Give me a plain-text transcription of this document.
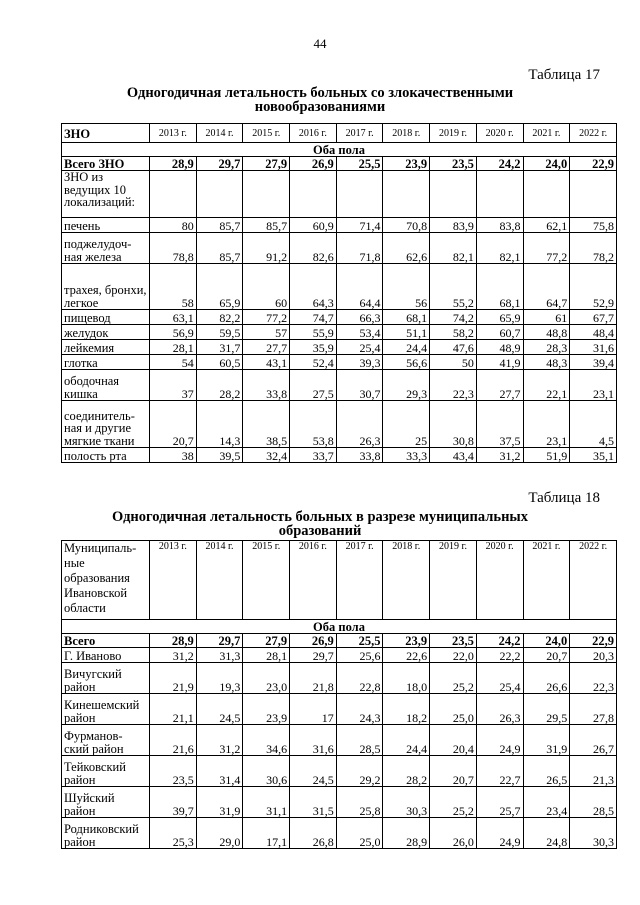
44
Таблица 17
Одногодичная летальность больных со злокачественными
новообразованиями
ЗНО	2013 г.	2014 г.	2015 г.	2016 г.	2017 г.	2018 г.	2019 г.	2020 г.	2021 г.	2022 г.
Оба пола										
Всего ЗНО	28,9	29,7	27,9	26,9	25,5	23,9	23,5	24,2	24,0	22,9
ЗНО из ведущих 10 локализаций:										
печень	80	85,7	85,7	60,9	71,4	70,8	83,9	83,8	62,1	75,8
поджелудоч-ная железа	78,8	85,7	91,2	82,6	71,8	62,6	82,1	82,1	77,2	78,2
трахея, бронхи, легкое	58	65,9	60	64,3	64,4	56	55,2	68,1	64,7	52,9
пищевод	63,1	82,2	77,2	74,7	66,3	68,1	74,2	65,9	61	67,7
желудок	56,9	59,5	57	55,9	53,4	51,1	58,2	60,7	48,8	48,4
лейкемия	28,1	31,7	27,7	35,9	25,4	24,4	47,6	48,9	28,3	31,6
глотка	54	60,5	43,1	52,4	39,3	56,6	50	41,9	48,3	39,4
ободочная кишка	37	28,2	33,8	27,5	30,7	29,3	22,3	27,7	22,1	23,1
соединитель-ная и другие мягкие ткани	20,7	14,3	38,5	53,8	26,3	25	30,8	37,5	23,1	4,5
полость рта	38	39,5	32,4	33,7	33,8	33,3	43,4	31,2	51,9	35,1
Таблица 18
Одногодичная летальность больных в разрезе муниципальных
образований
Муниципаль-ные образования Ивановской области	2013 г.	2014 г.	2015 г.	2016 г.	2017 г.	2018 г.	2019 г.	2020 г.	2021 г.	2022 г.
Оба пола										
Всего	28,9	29,7	27,9	26,9	25,5	23,9	23,5	24,2	24,0	22,9
Г. Иваново	31,2	31,3	28,1	29,7	25,6	22,6	22,0	22,2	20,7	20,3
Вичугский район	21,9	19,3	23,0	21,8	22,8	18,0	25,2	25,4	26,6	22,3
Кинешемский район	21,1	24,5	23,9	17	24,3	18,2	25,0	26,3	29,5	27,8
Фурманов-ский район	21,6	31,2	34,6	31,6	28,5	24,4	20,4	24,9	31,9	26,7
Тейковский район	23,5	31,4	30,6	24,5	29,2	28,2	20,7	22,7	26,5	21,3
Шуйский район	39,7	31,9	31,1	31,5	25,8	30,3	25,2	25,7	23,4	28,5
Родниковский район	25,3	29,0	17,1	26,8	25,0	28,9	26,0	24,9	24,8	30,3
